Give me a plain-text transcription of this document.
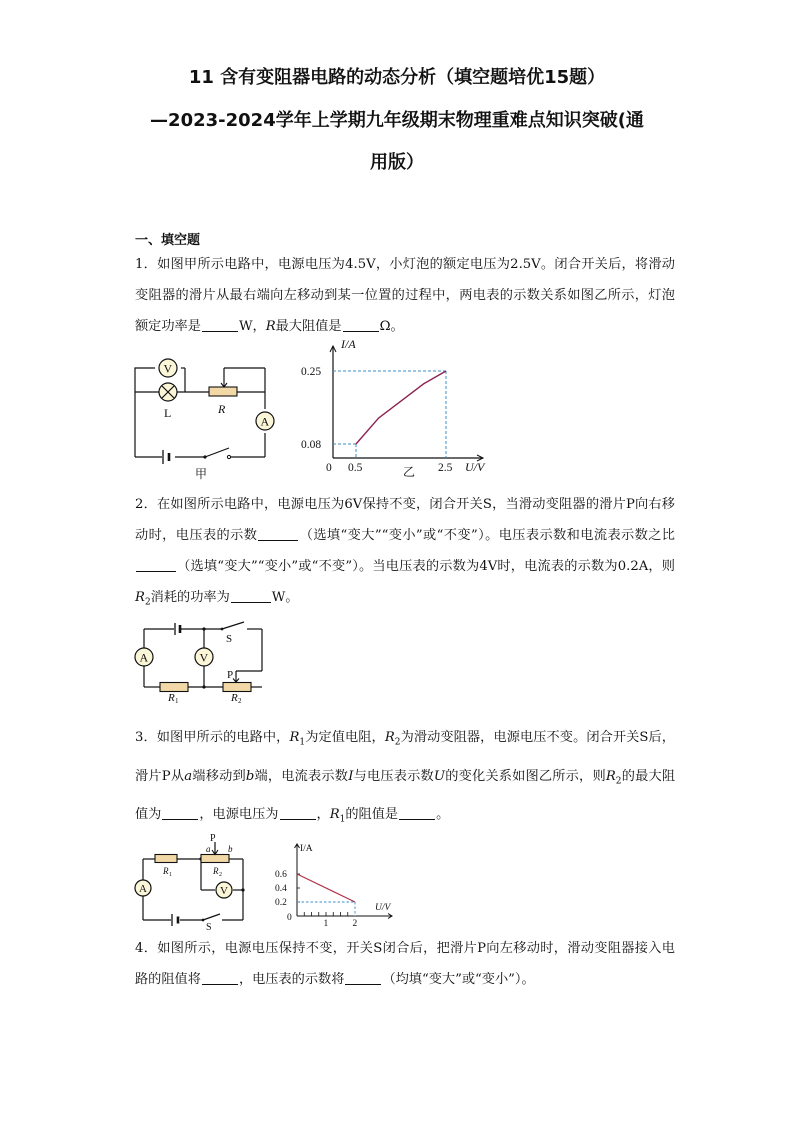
11 含有变阻器电路的动态分析（填空题培优15题）
—2023-2024学年上学期九年级期末物理重难点知识突破(通
用版）
一、填空题
1．如图甲所示电路中，电源电压为4.5V，小灯泡的额定电压为2.5V。闭合开关后，将滑动变阻器的滑片从最右端向左移动到某一位置的过程中，两电表的示数关系如图乙所示，灯泡额定功率是	W，R最大阻值是	Ω。
V
L	R
A
甲
I/A
U/V
0 0.5	2.5
0.25
0.08
乙
2．在如图所示电路中，电源电压为6V保持不变，闭合开关S，当滑动变阻器的滑片P向右移动时，电压表的示数	（选填“变大”“变小”或“不变”）。电压表示数和电流表示数之比（选填“变大”“变小”或“不变”）。当电压表的示数为4V时，电流表的示数为0.2A，则$R_2$消耗的功率为	W。
S
A	V
P
R 1	R 2
3．如图甲所示的电路中，$R_1$为定值电阻，$R_2$为滑动变阻器，电源电压不变。闭合开关S后，滑片P从a端移动到b端，电流表示数I与电压表示数U的变化关系如图乙所示，则$R_2$的最大阻值为	，电源电压为	，$R_1$的阻值是	。
P
a b
R 1	R 2
A	V
S
I/A
U/V
0
1	2
0.6
0.4
0.2
4．如图所示，电源电压保持不变，开关S闭合后，把滑片P向左移动时，滑动变阻器接入电路的阻值将	，电压表的示数将	（均填“变大”或“变小”）。
